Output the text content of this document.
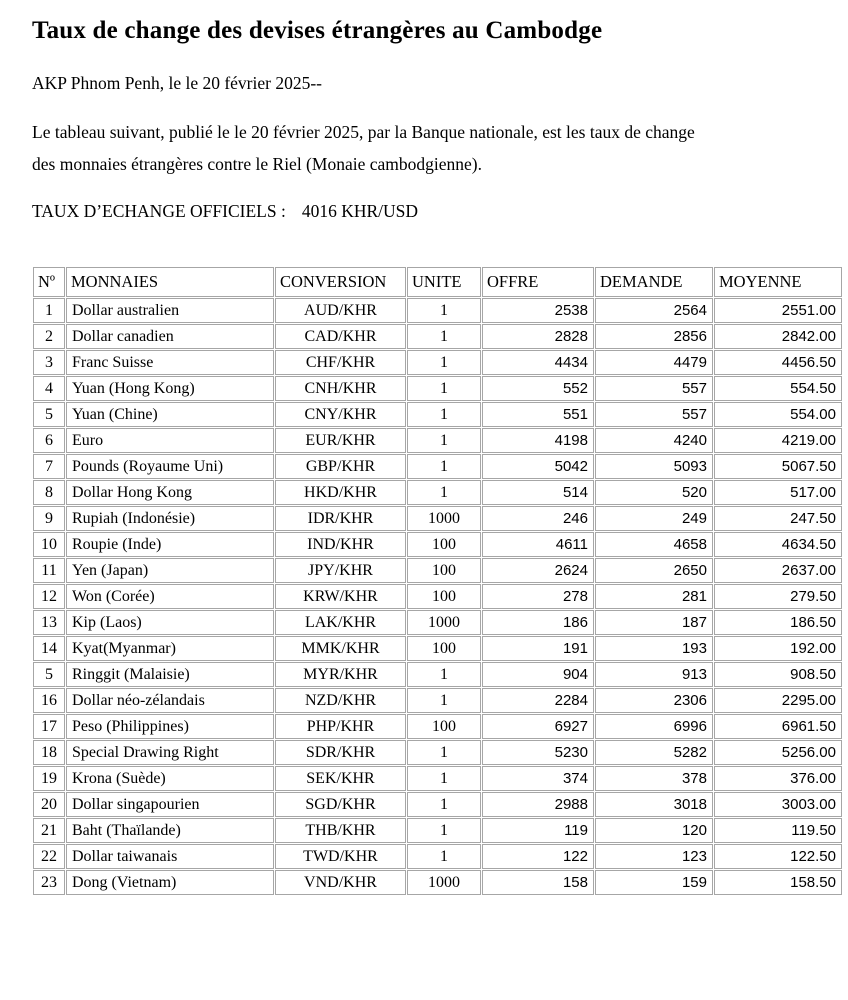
Taux de change des devises étrangères au Cambodge

AKP Phnom Penh, le le 20 février 2025--

Le tableau suivant, publié le le 20 février 2025, par la Banque nationale, est les taux de change
des monnaies étrangères contre le Riel (Monaie cambodgienne).

TAUX D’ECHANGE OFFICIELS : 4016 KHR/USD

Nº	MONNAIES	CONVERSION	UNITE	OFFRE	DEMANDE	MOYENNE
1	Dollar australien	AUD/KHR	1	2538	2564	2551.00
2	Dollar canadien	CAD/KHR	1	2828	2856	2842.00
3	Franc Suisse	CHF/KHR	1	4434	4479	4456.50
4	Yuan (Hong Kong)	CNH/KHR	1	552	557	554.50
5	Yuan (Chine)	CNY/KHR	1	551	557	554.00
6	Euro	EUR/KHR	1	4198	4240	4219.00
7	Pounds (Royaume Uni)	GBP/KHR	1	5042	5093	5067.50
8	Dollar Hong Kong	HKD/KHR	1	514	520	517.00
9	Rupiah (Indonésie)	IDR/KHR	1000	246	249	247.50
10	Roupie (Inde)	IND/KHR	100	4611	4658	4634.50
11	Yen (Japan)	JPY/KHR	100	2624	2650	2637.00
12	Won (Corée)	KRW/KHR	100	278	281	279.50
13	Kip (Laos)	LAK/KHR	1000	186	187	186.50
14	Kyat(Myanmar)	MMK/KHR	100	191	193	192.00
5	Ringgit (Malaisie)	MYR/KHR	1	904	913	908.50
16	Dollar néo-zélandais	NZD/KHR	1	2284	2306	2295.00
17	Peso (Philippines)	PHP/KHR	100	6927	6996	6961.50
18	Special Drawing Right	SDR/KHR	1	5230	5282	5256.00
19	Krona (Suède)	SEK/KHR	1	374	378	376.00
20	Dollar singapourien	SGD/KHR	1	2988	3018	3003.00
21	Baht (Thaïlande)	THB/KHR	1	119	120	119.50
22	Dollar taiwanais	TWD/KHR	1	122	123	122.50
23	Dong (Vietnam)	VND/KHR	1000	158	159	158.50
